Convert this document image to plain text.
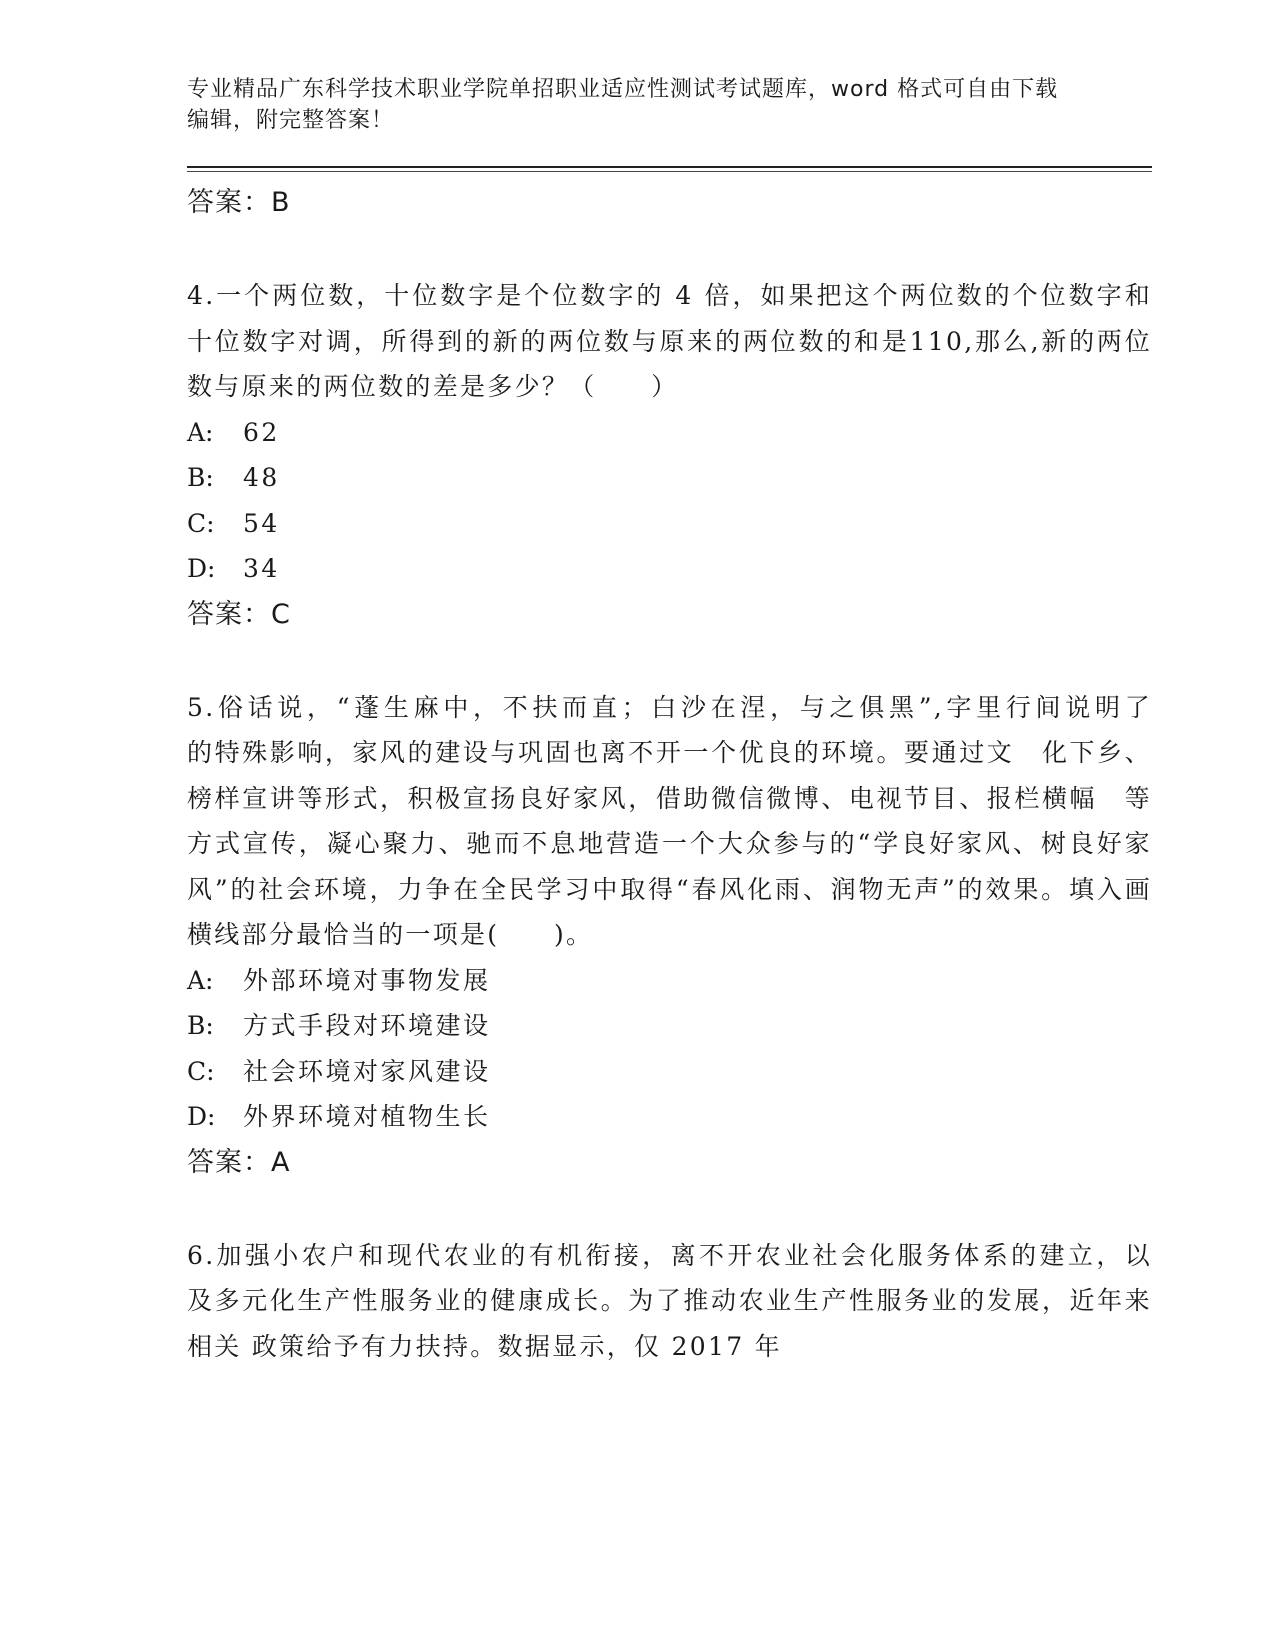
专业精品广东科学技术职业学院单招职业适应性测试考试题库，word 格式可自由下载编辑，附完整答案！

答案：B

4.一个两位数，十位数字是个位数字的 4 倍，如果把这个两位数的个位数字和 十位数字对调，所得到的新的两位数与原来的两位数的和是110,那么,新的两位数与原来的两位数的差是多少？（　　）

A:	62
B:	48
C:	54
D:	34

答案：C

5.俗话说，“蓬生麻中，不扶而直；白沙在涅，与之俱黑”,字里行间说明了　　　的特殊影响，家风的建设与巩固也离不开一个优良的环境。要通过文　化下乡、榜样宣讲等形式，积极宣扬良好家风，借助微信微博、电视节目、报栏横幅　等方式宣传，凝心聚力、驰而不息地营造一个大众参与的“学良好家风、树良好家风”的社会环境，力争在全民学习中取得“春风化雨、润物无声”的效果。填入画横线部分最恰当的一项是(　　)。

A:	外部环境对事物发展
B:	方式手段对环境建设
C:	社会环境对家风建设
D:	外界环境对植物生长

答案：A

6.加强小农户和现代农业的有机衔接，离不开农业社会化服务体系的建立，以 及多元化生产性服务业的健康成长。为了推动农业生产性服务业的发展，近年来相关 政策给予有力扶持。数据显示，仅 2017 年
